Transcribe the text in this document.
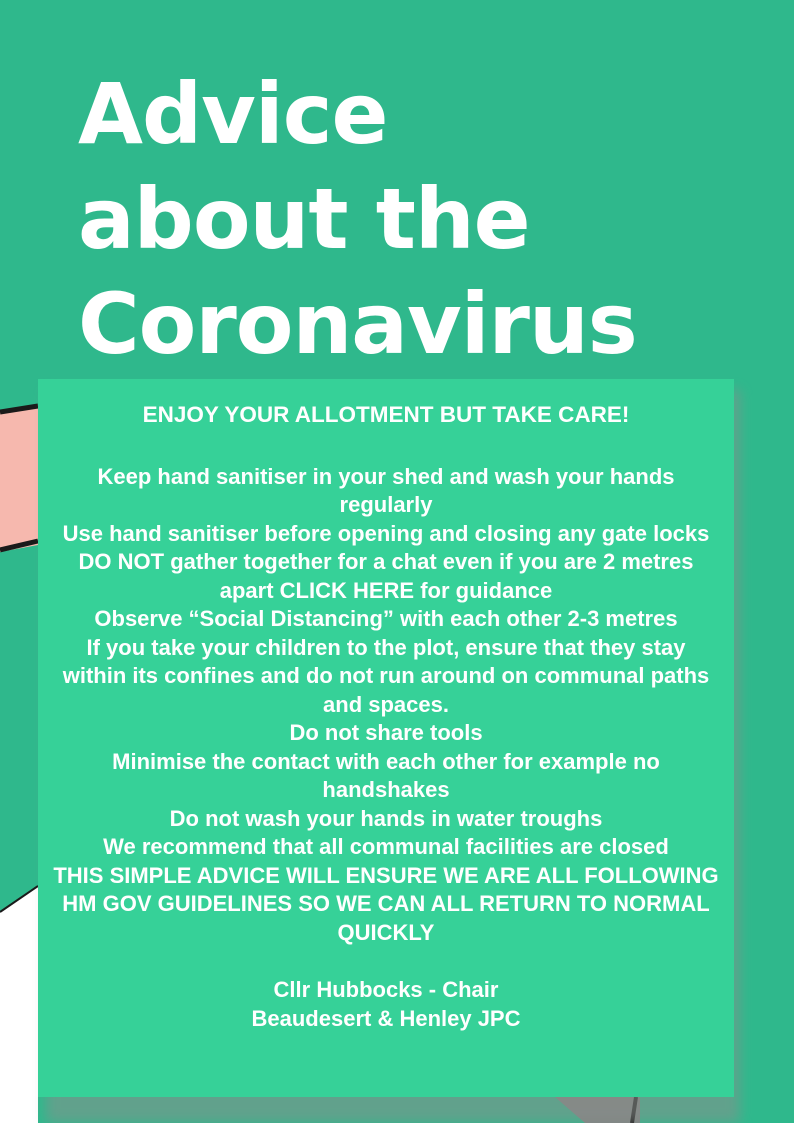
Advice
about the
Coronavirus

ENJOY YOUR ALLOTMENT BUT TAKE CARE!

Keep hand sanitiser in your shed and wash your hands regularly

Use hand sanitiser before opening and closing any gate locks

DO NOT gather together for a chat even if you are 2 metres apart CLICK HERE for guidance

Observe “Social Distancing” with each other 2-3 metres

If you take your children to the plot, ensure that they stay within its confines and do not run around on communal paths and spaces.

Do not share tools

Minimise the contact with each other for example no handshakes

Do not wash your hands in water troughs

We recommend that all communal facilities are closed

THIS SIMPLE ADVICE WILL ENSURE WE ARE ALL FOLLOWING HM GOV GUIDELINES SO WE CAN ALL RETURN TO NORMAL QUICKLY

Cllr Hubbocks - Chair

Beaudesert & Henley JPC
